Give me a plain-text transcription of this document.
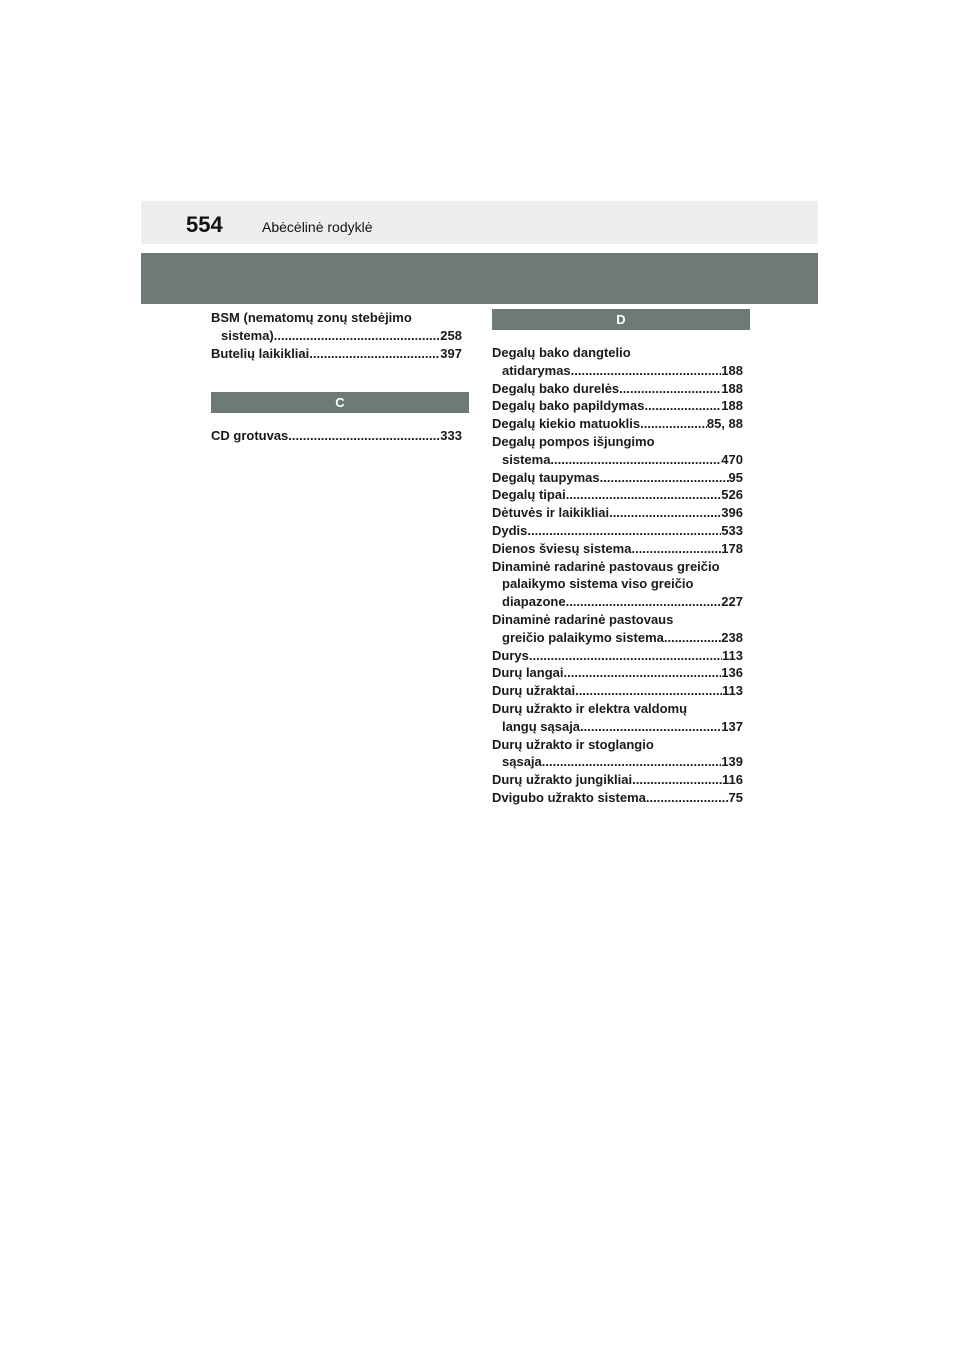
554	Abėcėlinė rodyklė
BSM (nematomų zonų stebėjimo
sistema) .....	258
Butelių laikikliai .....	397
C
CD grotuvas .....	333
D
Degalų bako dangtelio
atidarymas .....	188
Degalų bako durelės .....	188
Degalų bako papildymas .....	188
Degalų kiekio matuoklis .....	85, 88
Degalų pompos išjungimo
sistema .....	470
Degalų taupymas .....	95
Degalų tipai .....	526
Dėtuvės ir laikikliai .....	396
Dydis .....	533
Dienos šviesų sistema .....	178
Dinaminė radarinė pastovaus greičio
palaikymo sistema viso greičio
diapazone .....	227
Dinaminė radarinė pastovaus
greičio palaikymo sistema .....	238
Durys .....	113
Durų langai .....	136
Durų užraktai .....	113
Durų užrakto ir elektra valdomų
langų sąsaja .....	137
Durų užrakto ir stoglangio
sąsaja .....	139
Durų užrakto jungikliai .....	116
Dvigubo užrakto sistema .....	75
